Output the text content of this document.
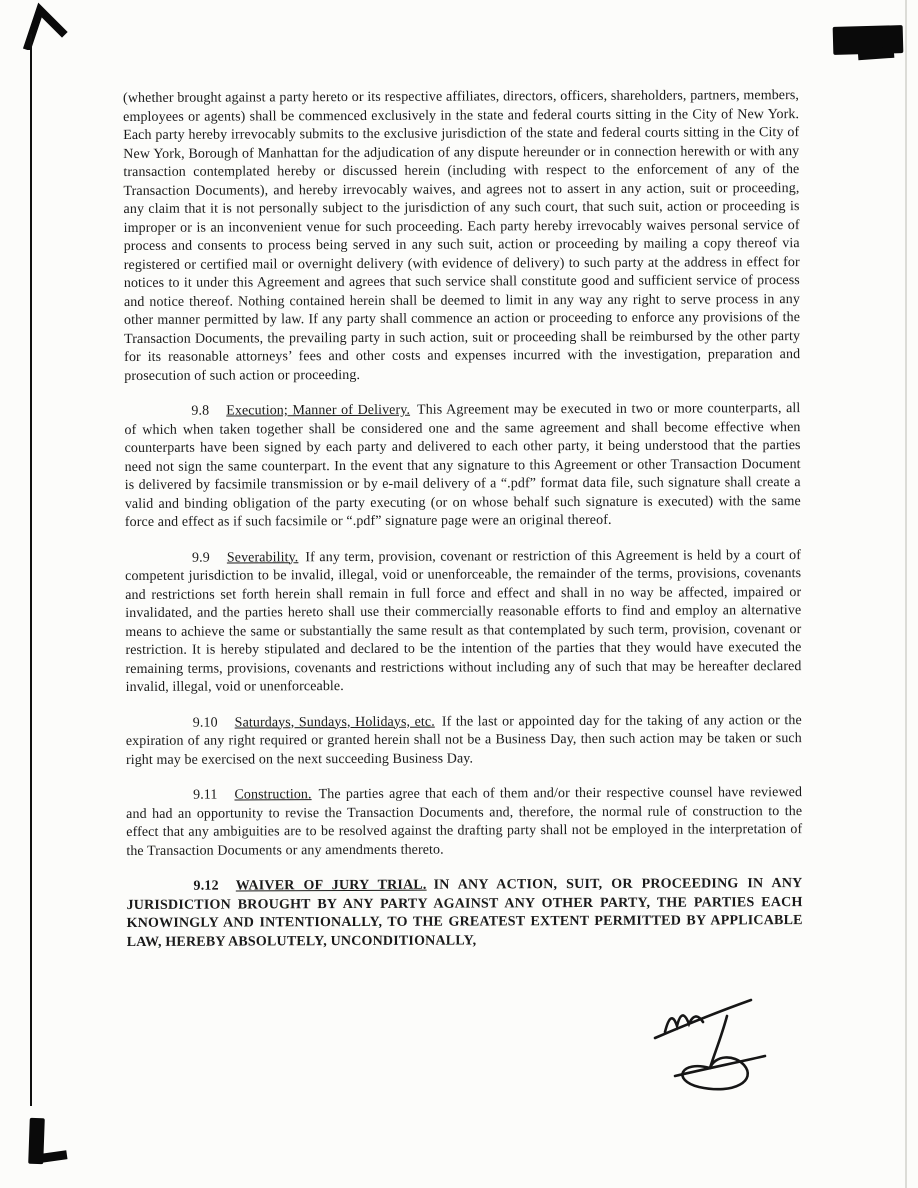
(whether brought against a party hereto or its respective affiliates, directors, officers, shareholders, partners, members, employees or agents) shall be commenced exclusively in the state and federal courts sitting in the City of New York. Each party hereby irrevocably submits to the exclusive jurisdiction of the state and federal courts sitting in the City of New York, Borough of Manhattan for the adjudication of any dispute hereunder or in connection herewith or with any transaction contemplated hereby or discussed herein (including with respect to the enforcement of any of the Transaction Documents), and hereby irrevocably waives, and agrees not to assert in any action, suit or proceeding, any claim that it is not personally subject to the jurisdiction of any such court, that such suit, action or proceeding is improper or is an inconvenient venue for such proceeding. Each party hereby irrevocably waives personal service of process and consents to process being served in any such suit, action or proceeding by mailing a copy thereof via registered or certified mail or overnight delivery (with evidence of delivery) to such party at the address in effect for notices to it under this Agreement and agrees that such service shall constitute good and sufficient service of process and notice thereof. Nothing contained herein shall be deemed to limit in any way any right to serve process in any other manner permitted by law. If any party shall commence an action or proceeding to enforce any provisions of the Transaction Documents, the prevailing party in such action, suit or proceeding shall be reimbursed by the other party for its reasonable attorneys’ fees and other costs and expenses incurred with the investigation, preparation and prosecution of such action or proceeding.

9.8 Execution; Manner of Delivery. This Agreement may be executed in two or more counterparts, all of which when taken together shall be considered one and the same agreement and shall become effective when counterparts have been signed by each party and delivered to each other party, it being understood that the parties need not sign the same counterpart. In the event that any signature to this Agreement or other Transaction Document is delivered by facsimile transmission or by e-mail delivery of a “.pdf” format data file, such signature shall create a valid and binding obligation of the party executing (or on whose behalf such signature is executed) with the same force and effect as if such facsimile or “.pdf” signature page were an original thereof.

9.9 Severability. If any term, provision, covenant or restriction of this Agreement is held by a court of competent jurisdiction to be invalid, illegal, void or unenforceable, the remainder of the terms, provisions, covenants and restrictions set forth herein shall remain in full force and effect and shall in no way be affected, impaired or invalidated, and the parties hereto shall use their commercially reasonable efforts to find and employ an alternative means to achieve the same or substantially the same result as that contemplated by such term, provision, covenant or restriction. It is hereby stipulated and declared to be the intention of the parties that they would have executed the remaining terms, provisions, covenants and restrictions without including any of such that may be hereafter declared invalid, illegal, void or unenforceable.

9.10 Saturdays, Sundays, Holidays, etc. If the last or appointed day for the taking of any action or the expiration of any right required or granted herein shall not be a Business Day, then such action may be taken or such right may be exercised on the next succeeding Business Day.

9.11 Construction. The parties agree that each of them and/or their respective counsel have reviewed and had an opportunity to revise the Transaction Documents and, therefore, the normal rule of construction to the effect that any ambiguities are to be resolved against the drafting party shall not be employed in the interpretation of the Transaction Documents or any amendments thereto.

9.12 WAIVER OF JURY TRIAL. IN ANY ACTION, SUIT, OR PROCEEDING IN ANY JURISDICTION BROUGHT BY ANY PARTY AGAINST ANY OTHER PARTY, THE PARTIES EACH KNOWINGLY AND INTENTIONALLY, TO THE GREATEST EXTENT PERMITTED BY APPLICABLE LAW, HEREBY ABSOLUTELY, UNCONDITIONALLY,
